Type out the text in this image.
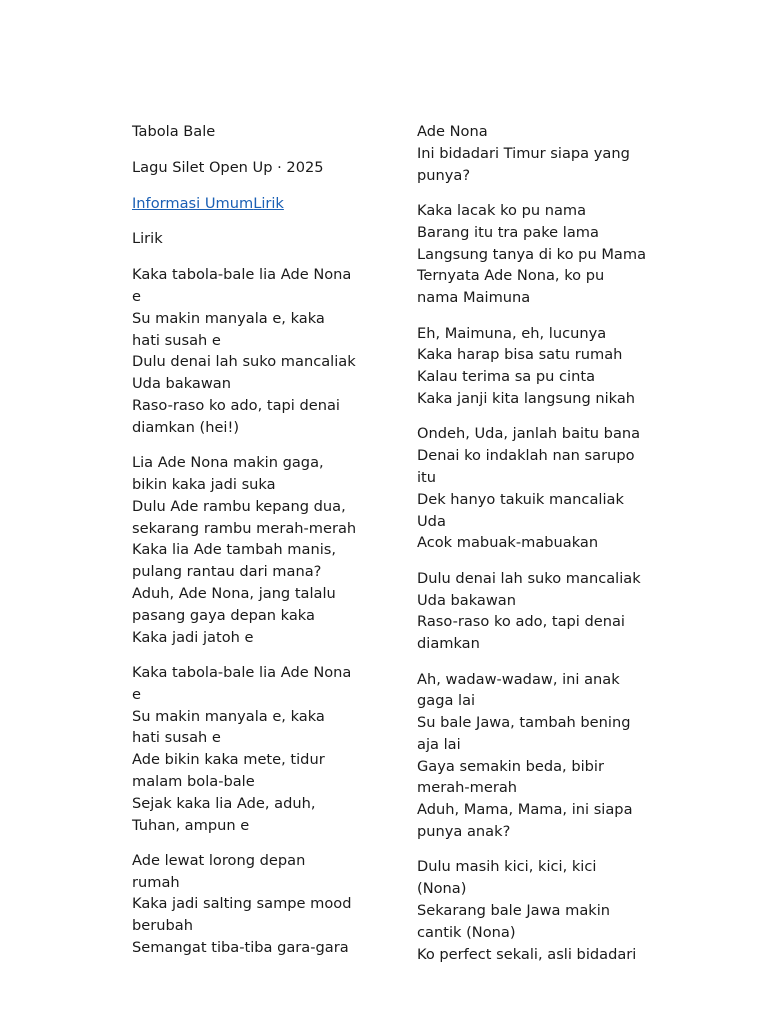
Tabola Bale
Lagu Silet Open Up · 2025
Informasi UmumLirik
Lirik
Kaka tabola-bale lia Ade Nona e
Su makin manyala e, kaka hati susah e
Dulu denai lah suko mancaliak Uda bakawan
Raso-raso ko ado, tapi denai diamkan (hei!)
Lia Ade Nona makin gaga, bikin kaka jadi suka
Dulu Ade rambu kepang dua, sekarang rambu merah-merah
Kaka lia Ade tambah manis, pulang rantau dari mana?
Aduh, Ade Nona, jang talalu pasang gaya depan kaka
Kaka jadi jatoh e
Kaka tabola-bale lia Ade Nona e
Su makin manyala e, kaka hati susah e
Ade bikin kaka mete, tidur malam bola-bale
Sejak kaka lia Ade, aduh, Tuhan, ampun e
Ade lewat lorong depan rumah
Kaka jadi salting sampe mood berubah
Semangat tiba-tiba gara-gara
Ade Nona
Ini bidadari Timur siapa yang punya?
Kaka lacak ko pu nama
Barang itu tra pake lama
Langsung tanya di ko pu Mama
Ternyata Ade Nona, ko pu nama Maimuna
Eh, Maimuna, eh, lucunya
Kaka harap bisa satu rumah
Kalau terima sa pu cinta
Kaka janji kita langsung nikah
Ondeh, Uda, janlah baitu bana
Denai ko indaklah nan sarupo itu
Dek hanyo takuik mancaliak Uda
Acok mabuak-mabuakan
Dulu denai lah suko mancaliak Uda bakawan
Raso-raso ko ado, tapi denai diamkan
Ah, wadaw-wadaw, ini anak gaga lai
Su bale Jawa, tambah bening aja lai
Gaya semakin beda, bibir merah-merah
Aduh, Mama, Mama, ini siapa punya anak?
Dulu masih kici, kici, kici (Nona)
Sekarang bale Jawa makin cantik (Nona)
Ko perfect sekali, asli bidadari
